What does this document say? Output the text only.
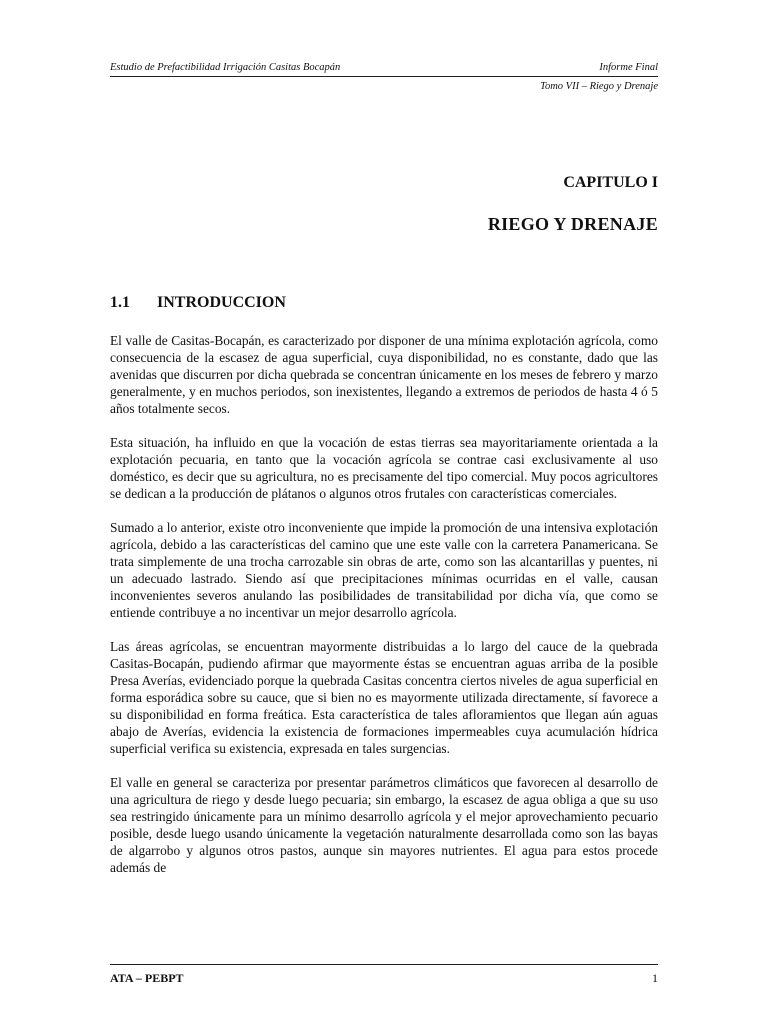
Estudio de Prefactibilidad Irrigación Casitas Bocapán	Informe Final
Tomo VII – Riego y Drenaje
CAPITULO I
RIEGO Y DRENAJE
1.1 INTRODUCCION

El valle de Casitas-Bocapán, es caracterizado por disponer de una mínima explotación agrícola, como consecuencia de la escasez de agua superficial, cuya disponibilidad, no es constante, dado que las avenidas que discurren por dicha quebrada se concentran únicamente en los meses de febrero y marzo generalmente, y en muchos periodos, son inexistentes, llegando a extremos de periodos de hasta 4 ó 5 años totalmente secos.

Esta situación, ha influido en que la vocación de estas tierras sea mayoritariamente orientada a la explotación pecuaria, en tanto que la vocación agrícola se contrae casi exclusivamente al uso doméstico, es decir que su agricultura, no es precisamente del tipo comercial. Muy pocos agricultores se dedican a la producción de plátanos o algunos otros frutales con características comerciales.

Sumado a lo anterior, existe otro inconveniente que impide la promoción de una intensiva explotación agrícola, debido a las características del camino que une este valle con la carretera Panamericana. Se trata simplemente de una trocha carrozable sin obras de arte, como son las alcantarillas y puentes, ni un adecuado lastrado. Siendo así que precipitaciones mínimas ocurridas en el valle, causan inconvenientes severos anulando las posibilidades de transitabilidad por dicha vía, que como se entiende contribuye a no incentivar un mejor desarrollo agrícola.

Las áreas agrícolas, se encuentran mayormente distribuidas a lo largo del cauce de la quebrada Casitas-Bocapán, pudiendo afirmar que mayormente éstas se encuentran aguas arriba de la posible Presa Averías, evidenciado porque la quebrada Casitas concentra ciertos niveles de agua superficial en forma esporádica sobre su cauce, que si bien no es mayormente utilizada directamente, sí favorece a su disponibilidad en forma freática. Esta característica de tales afloramientos que llegan aún aguas abajo de Averías, evidencia la existencia de formaciones impermeables cuya acumulación hídrica superficial verifica su existencia, expresada en tales surgencias.

El valle en general se caracteriza por presentar parámetros climáticos que favorecen al desarrollo de una agricultura de riego y desde luego pecuaria; sin embargo, la escasez de agua obliga a que su uso sea restringido únicamente para un mínimo desarrollo agrícola y el mejor aprovechamiento pecuario posible, desde luego usando únicamente la vegetación naturalmente desarrollada como son las bayas de algarrobo y algunos otros pastos, aunque sin mayores nutrientes. El agua para estos procede además de

ATA – PEBPT	1
